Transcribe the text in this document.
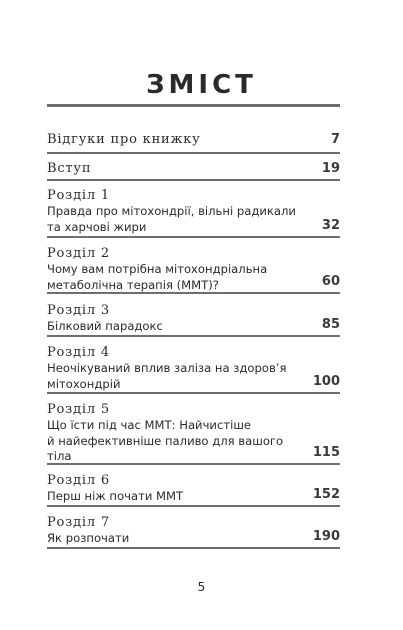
ЗМІСТ
Відгуки про книжку	7
Вступ	19
Розділ 1
Правда про мітохондрії, вільні радикали
та харчові жири	32
Розділ 2
Чому вам потрібна мітохондріальна
метаболічна терапія (ММТ)?	60
Розділ 3
Білковий парадокс	85
Розділ 4
Неочікуваний вплив заліза на здоров’я
мітохондрій	100
Розділ 5
Що їсти під час ММТ: Найчистіше
й найефективніше паливо для вашого
тіла	115
Розділ 6
Перш ніж почати ММТ	152
Розділ 7
Як розпочати	190
5
